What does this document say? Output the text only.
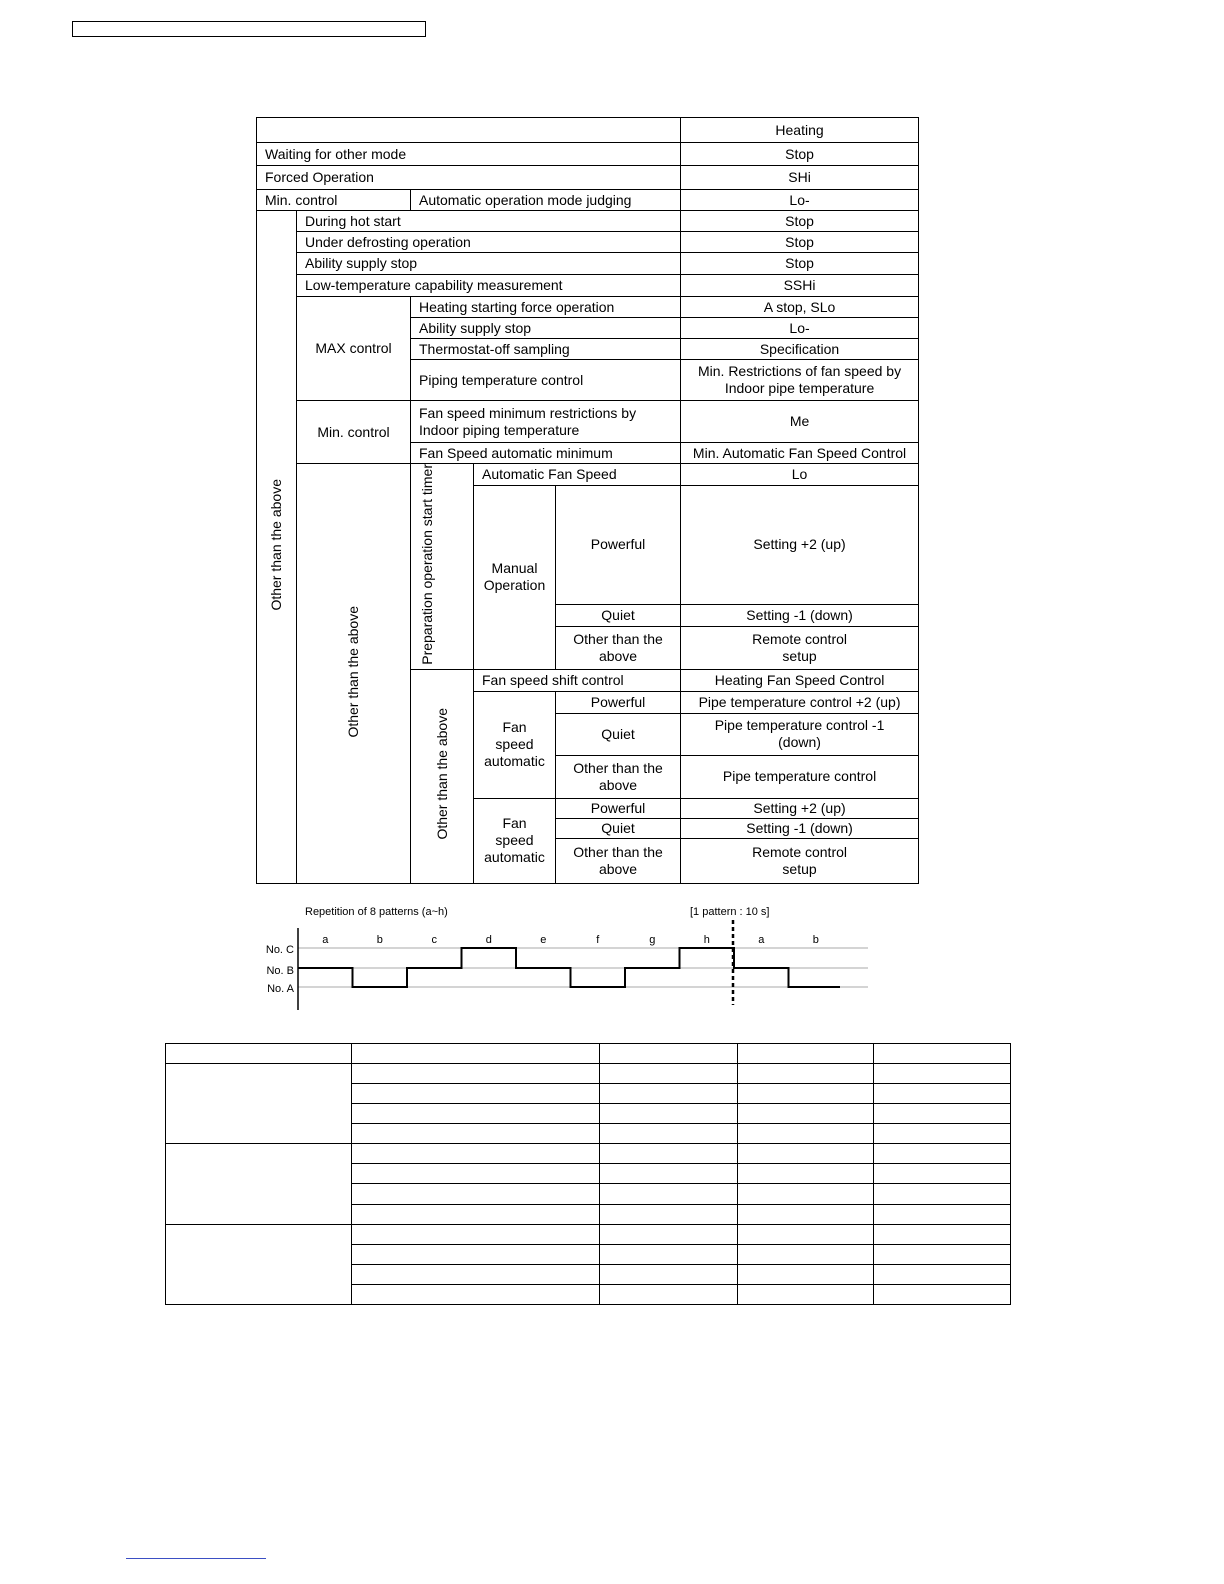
					Heating
Waiting for other mode					Stop
Forced Operation					SHi
Min. control		Automatic operation mode judging			Lo-
Other than the above	During hot start				Stop
	Under defrosting operation				Stop
	Ability supply stop				Stop
	Low-temperature capability measurement				SSHi
	MAX control	Heating starting force operation			A stop, SLo
		Ability supply stop			Lo-
		Thermostat-off sampling			Specification
		Piping temperature control			Min. Restrictions of fan speed by Indoor pipe temperature
	Min. control	Fan speed minimum restrictions by Indoor piping temperature			Me
		Fan Speed automatic minimum			Min. Automatic Fan Speed Control
	Other than the above	Preparation operation start timer	Automatic Fan Speed		Lo
			Manual Operation	Powerful	Setting +2 (up)
				Quiet	Setting -1 (down)
				Other than the above	Remote control setup
		Other than the above	Fan speed shift control		Heating Fan Speed Control
			Fan speed automatic	Powerful	Pipe temperature control +2 (up)
				Quiet	Pipe temperature control -1 (down)
				Other than the above	Pipe temperature control
			Fan speed automatic	Powerful	Setting +2 (up)
				Quiet	Setting -1 (down)
				Other than the above	Remote control setup
Repetition of 8 patterns (a~h)	[1 pattern : 10 s]
No. C
No. B
No. A
a	b	c	d	e	f	g	h	a	b
